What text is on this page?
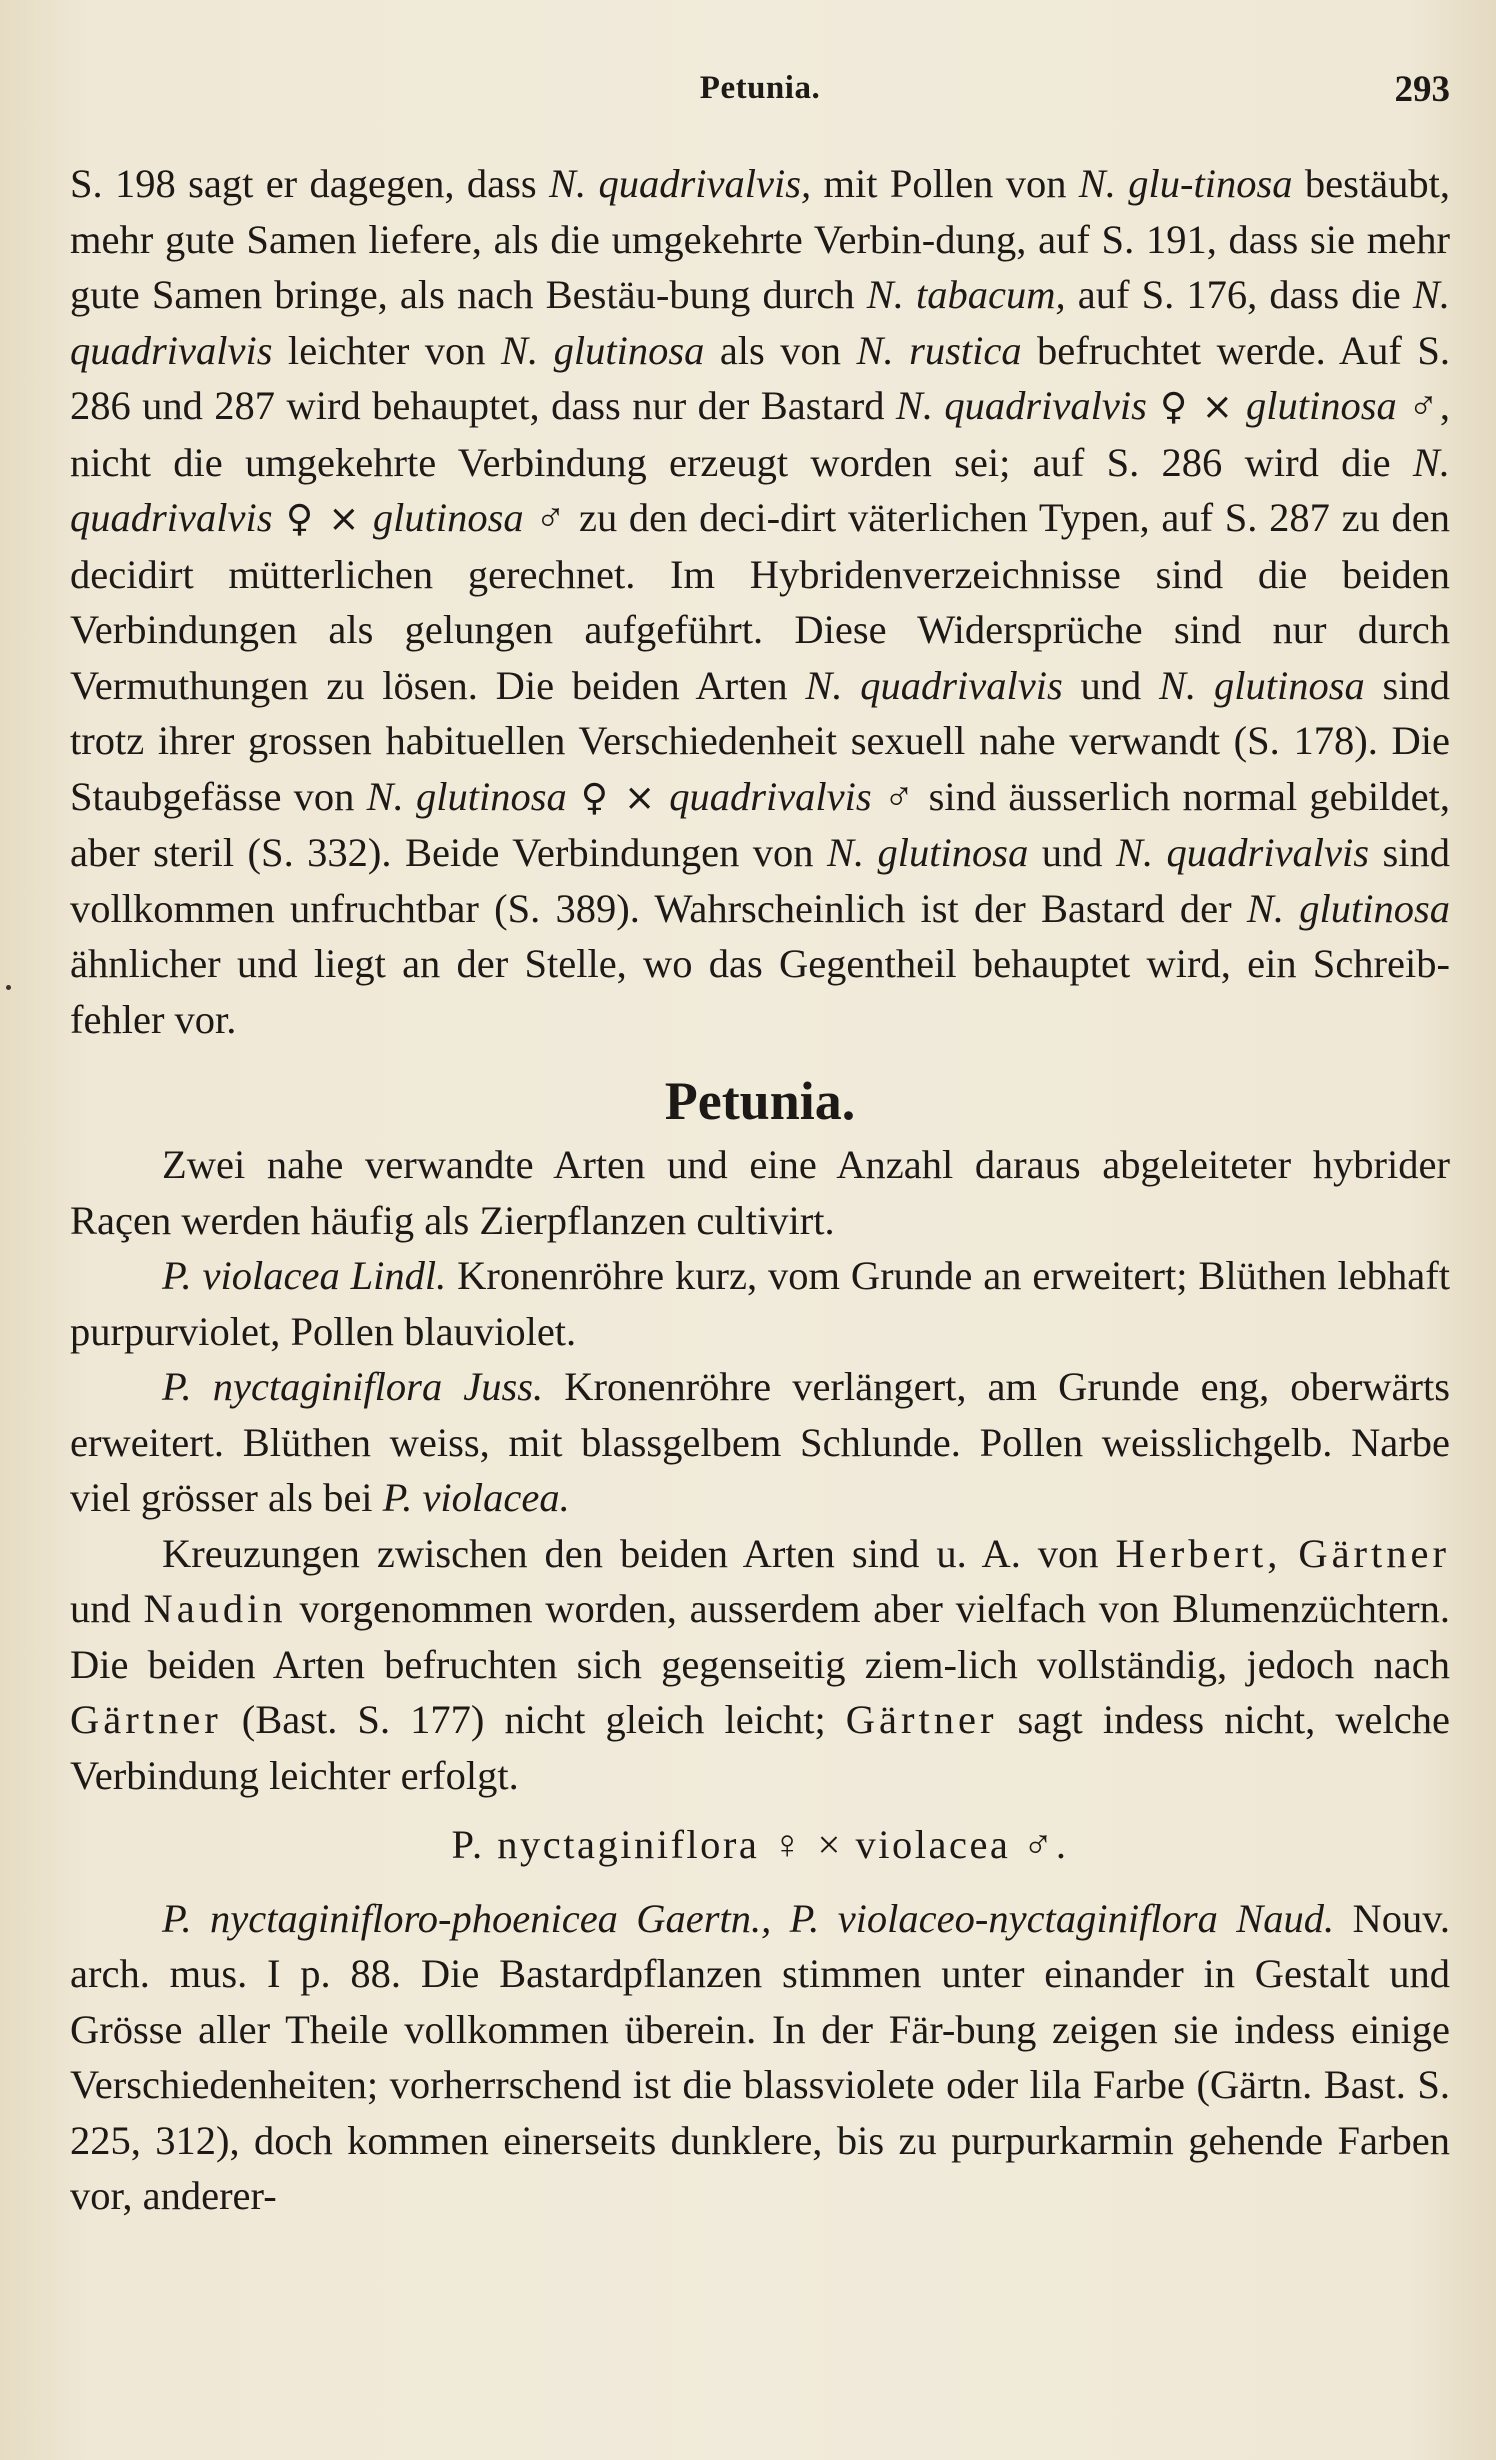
Petunia.	293

S. 198 sagt er dagegen, dass N. quadrivalvis, mit Pollen von N. glu-tinosa bestäubt, mehr gute Samen liefere, als die umgekehrte Verbin-dung, auf S. 191, dass sie mehr gute Samen bringe, als nach Bestäu-bung durch N. tabacum, auf S. 176, dass die N. quadrivalvis leichter von N. glutinosa als von N. rustica befruchtet werde. Auf S. 286 und 287 wird behauptet, dass nur der Bastard N. quadrivalvis ♀ × glutinosa ♂, nicht die umgekehrte Verbindung erzeugt worden sei; auf S. 286 wird die N. quadrivalvis ♀ × glutinosa ♂ zu den deci-dirt väterlichen Typen, auf S. 287 zu den decidirt mütterlichen gerechnet. Im Hybridenverzeichnisse sind die beiden Verbindungen als gelungen aufgeführt. Diese Widersprüche sind nur durch Vermuthungen zu lösen. Die beiden Arten N. quadrivalvis und N. glutinosa sind trotz ihrer grossen habituellen Verschiedenheit sexuell nahe verwandt (S. 178). Die Staubgefässe von N. glutinosa ♀ × quadrivalvis ♂ sind äusserlich normal gebildet, aber steril (S. 332). Beide Verbindungen von N. glutinosa und N. quadrivalvis sind vollkommen unfruchtbar (S. 389). Wahrscheinlich ist der Bastard der N. glutinosa ähnlicher und liegt an der Stelle, wo das Gegentheil behauptet wird, ein Schreib-fehler vor.

Petunia.

Zwei nahe verwandte Arten und eine Anzahl daraus abgeleiteter hybrider Raçen werden häufig als Zierpflanzen cultivirt.

P. violacea Lindl. Kronenröhre kurz, vom Grunde an erweitert; Blüthen lebhaft purpurviolet, Pollen blauviolet.

P. nyctaginiflora Juss. Kronenröhre verlängert, am Grunde eng, oberwärts erweitert. Blüthen weiss, mit blassgelbem Schlunde. Pollen weisslichgelb. Narbe viel grösser als bei P. violacea.

Kreuzungen zwischen den beiden Arten sind u. A. von Herbert, Gärtner und Naudin vorgenommen worden, ausserdem aber vielfach von Blumenzüchtern. Die beiden Arten befruchten sich gegenseitig ziem-lich vollständig, jedoch nach Gärtner (Bast. S. 177) nicht gleich leicht; Gärtner sagt indess nicht, welche Verbindung leichter erfolgt.

P. nyctaginiflora ♀ × violacea ♂.

P. nyctaginifloro-phoenicea Gaertn., P. violaceo-nyctaginiflora Naud. Nouv. arch. mus. I p. 88. Die Bastardpflanzen stimmen unter einander in Gestalt und Grösse aller Theile vollkommen überein. In der Fär-bung zeigen sie indess einige Verschiedenheiten; vorherrschend ist die blassviolete oder lila Farbe (Gärtn. Bast. S. 225, 312), doch kommen einerseits dunklere, bis zu purpurkarmin gehende Farben vor, anderer-
